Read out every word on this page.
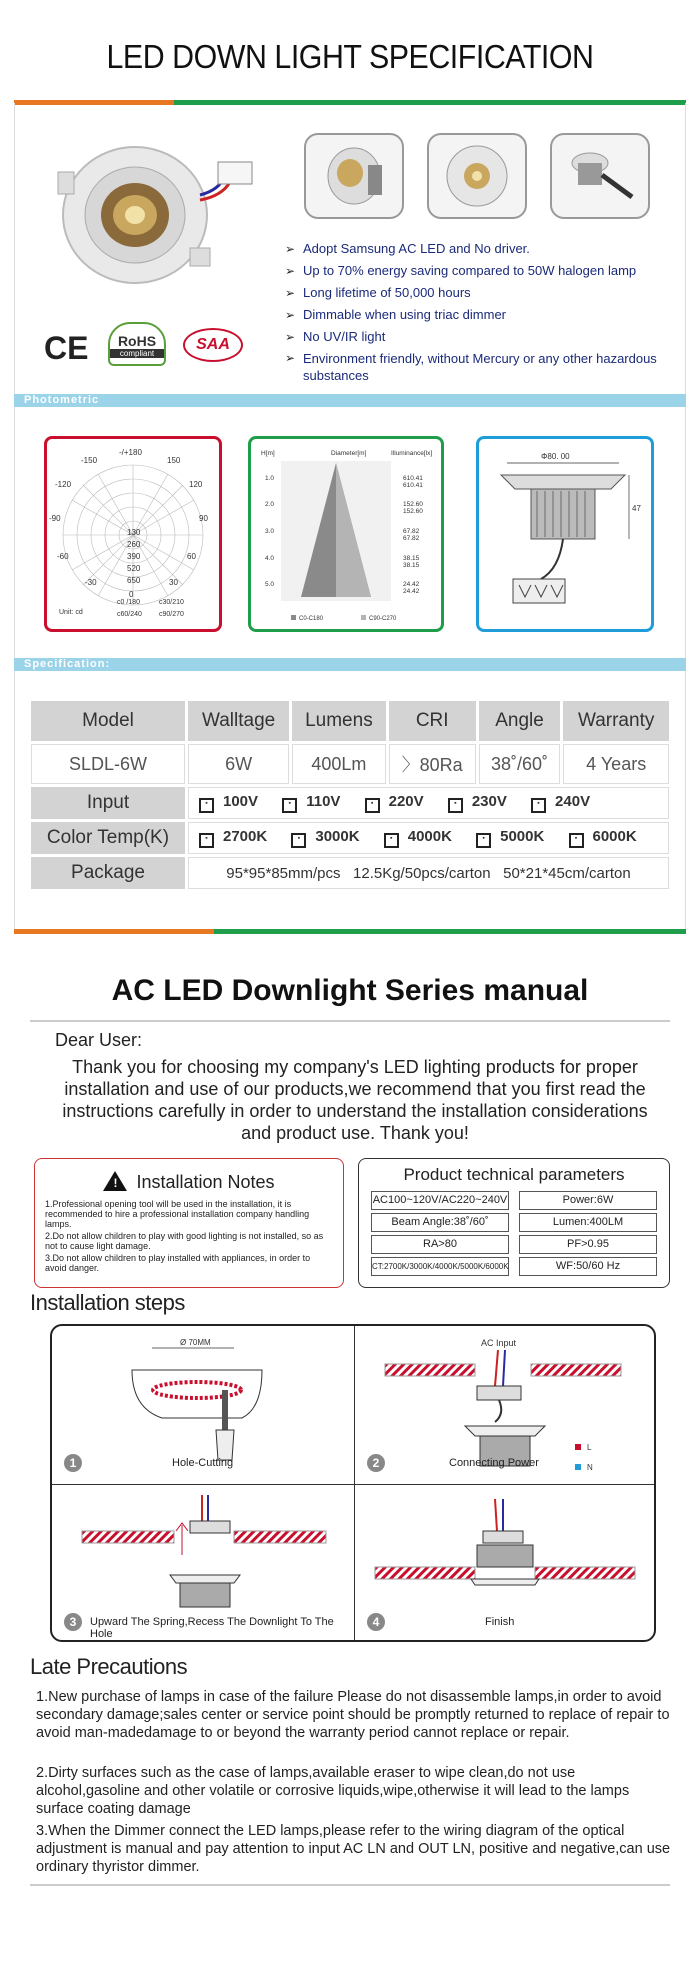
LED DOWN LIGHT SPECIFICATION
CE	RoHS
compliant
SAA
➢ Adopt Samsung AC LED and No driver.
➢ Up to 70% energy saving compared to 50W halogen lamp
➢ Long lifetime of 50,000 hours
➢ Dimmable when using triac dimmer
➢ No UV/IR light
➢ Environment friendly, without Mercury or any other hazardous substances
Photometric
-/+180
-150	150
-120	120
-90	90
-60	60
-30	30
0
130
260
390
520
650
Unit: cd
c0 /180	c30/210
c60/240 c90/270
H[m]	Diameter[m]	Illuminance[lx]
1.0
2.0
3.0
4.0
5.0
610.41
610.41
152.60
152.60
67.82
67.82
38.15
38.15
24.42
24.42
C0-C180	C90-C270
Φ80. 00
47
Specification:
Model	Walltage	Lumens	CRI	Angle	Warranty
SLDL-6W	6W	400Lm	〉80Ra	38˚/60˚	4 Years
Input	▪ 100V ▪ 110V ▪ 220V ▪ 230V ▪ 240V
Color Temp(K)	▪ 2700K ▪ 3000K ▪ 4000K ▪ 5000K ▪ 6000K
Package	95*95*85mm/pcs   12.5Kg/50pcs/carton   50*21*45cm/carton				
AC LED Downlight Series manual
Dear User:
Thank you for choosing my company's LED lighting products for proper installation and use of our products,we recommend that you first read the instructions carefully in order to understand the installation considerations and product use. Thank you!
! Installation Notes
1.Professional opening tool will be used in the installation, it is recommended to hire a professional installation company handling lamps.
2.Do not allow children to play with good lighting is not installed, so as not to cause light damage.
3.Do not allow children to play installed with appliances, in order to avoid danger.
Product technical parameters
AC100~120V/AC220~240V	Power:6W
Beam Angle:38˚/60˚	Lumen:400LM
RA>80	PF>0.95
CT:2700K/3000K/4000K/5000K/6000K	WF:50/60 Hz
Installation steps
Ø 70MM
1	Hole-Cutting
AC Input
L
N
2	Connecting Power
3	Upward The Spring,Recess The Downlight To The Hole
4	Finish
Late Precautions
1.New purchase of lamps in case of the failure Please do not disassemble lamps,in order to avoid secondary damage;sales center or service point should be promptly returned to replace of repair to avoid man-madedamage to or beyond the warranty period cannot replace or repair.
2.Dirty surfaces such as the case of lamps,available eraser to wipe clean,do not use alcohol,gasoline and other volatile or corrosive liquids,wipe,otherwise it will lead to the lamps surface coating damage
3.When the Dimmer connect the LED lamps,please refer to the wiring diagram of the optical adjustment is manual and pay attention to input AC LN and OUT LN, positive and negative,can use ordinary thyristor dimmer.
